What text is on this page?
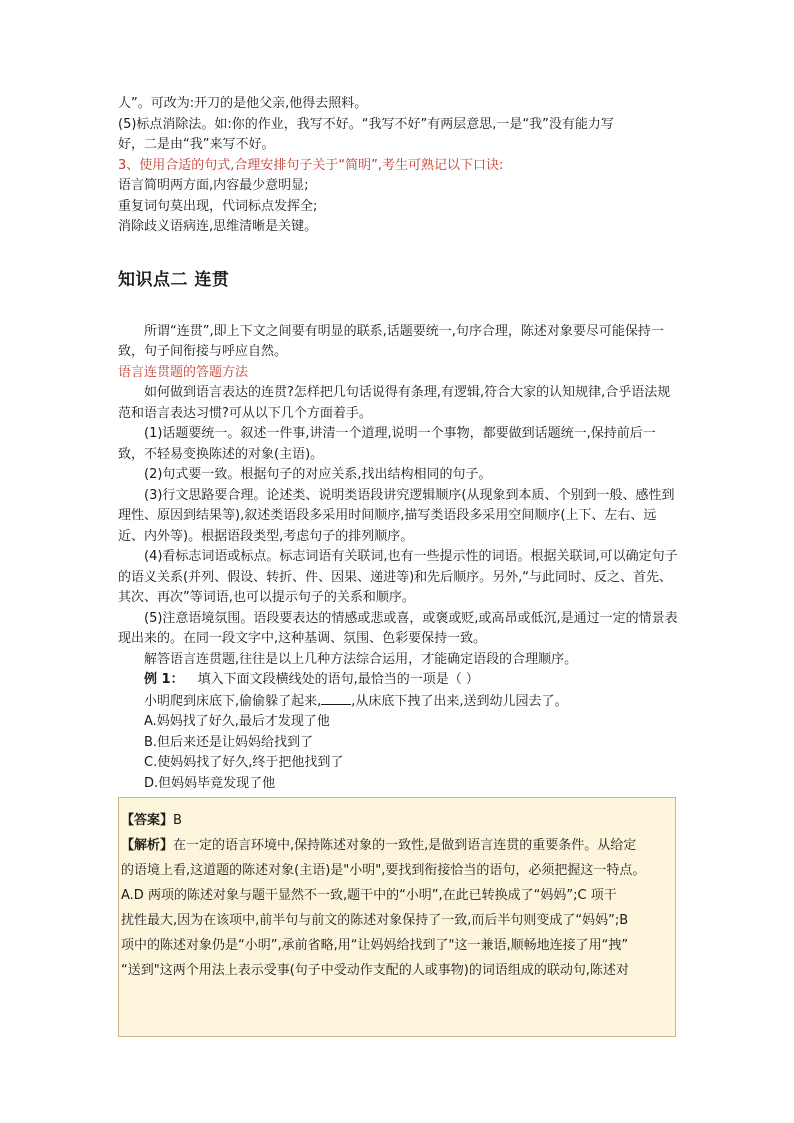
人”。可改为:开刀的是他父亲,他得去照料。
(5)标点消除法。如:你的作业，我写不好。“我写不好”有两层意思,一是“我”没有能力写
好，二是由“我”来写不好。
3、使用合适的句式,合理安排句子关于“简明”,考生可熟记以下口诀:
语言简明两方面,内容最少意明显;
重复词句莫出现，代词标点发挥全;
消除歧义语病连,思维清晰是关键。
知识点二 连贯

所谓“连贯”,即上下文之间要有明显的联系,话题要统一,句序合理，陈述对象要尽可能保持一致，句子间衔接与呼应自然。

语言连贯题的答题方法

如何做到语言表达的连贯?怎样把几句话说得有条理,有逻辑,符合大家的认知规律,合乎语法规范和语言表达习惯?可从以下几个方面着手。

(1)话题要统一。叙述一件事,讲清一个道理,说明一个事物，都要做到话题统一,保持前后一致，不轻易变换陈述的对象(主语)。

(2)句式要一致。根据句子的对应关系,找出结构相同的句子。

(3)行文思路要合理。论述类、说明类语段讲究逻辑顺序(从现象到本质、个别到一般、感性到理性、原因到结果等),叙述类语段多采用时间顺序,描写类语段多采用空间顺序(上下、左右、远近、内外等)。根据语段类型,考虑句子的排列顺序。

(4)看标志词语或标点。标志词语有关联词,也有一些提示性的词语。根据关联词,可以确定句子的语义关系(并列、假设、转折、件、因果、递进等)和先后顺序。另外,“与此同时、反之、首先、其次、再次”等词语,也可以提示句子的关系和顺序。

(5)注意语境氛围。语段要表达的情感或悲或喜，或褒或贬,或高昂或低沉,是通过一定的情景表现出来的。在同一段文字中,这种基调、氛围、色彩要保持一致。

解答语言连贯题,往往是以上几种方法综合运用，才能确定语段的合理顺序。

例 1： 填入下面文段横线处的语句,最恰当的一项是（ ）
小明爬到床底下,偷偷躲了起来, ,从床底下拽了出来,送到幼儿园去了。
A.妈妈找了好久,最后才发现了他
B.但后来还是让妈妈给找到了
C.使妈妈找了好久,终于把他找到了
D.但妈妈毕竟发现了他
【答案】B
【解析】在一定的语言环境中,保持陈述对象的一致性,是做到语言连贯的重要条件。从给定
的语境上看,这道题的陈述对象(主语)是"小明",要找到衔接恰当的语句，必须把握这一特点。
A.D 两项的陈述对象与题干显然不一致,题干中的“小明”,在此已转换成了“妈妈”;C 项干
扰性最大,因为在该项中,前半句与前文的陈述对象保持了一致,而后半句则变成了“妈妈”;B
项中的陈述对象仍是“小明”,承前省略,用“让妈妈给找到了"这一兼语,顺畅地连接了用“拽”
“送到"这两个用法上表示受事(句子中受动作支配的人或事物)的词语组成的联动句,陈述对
